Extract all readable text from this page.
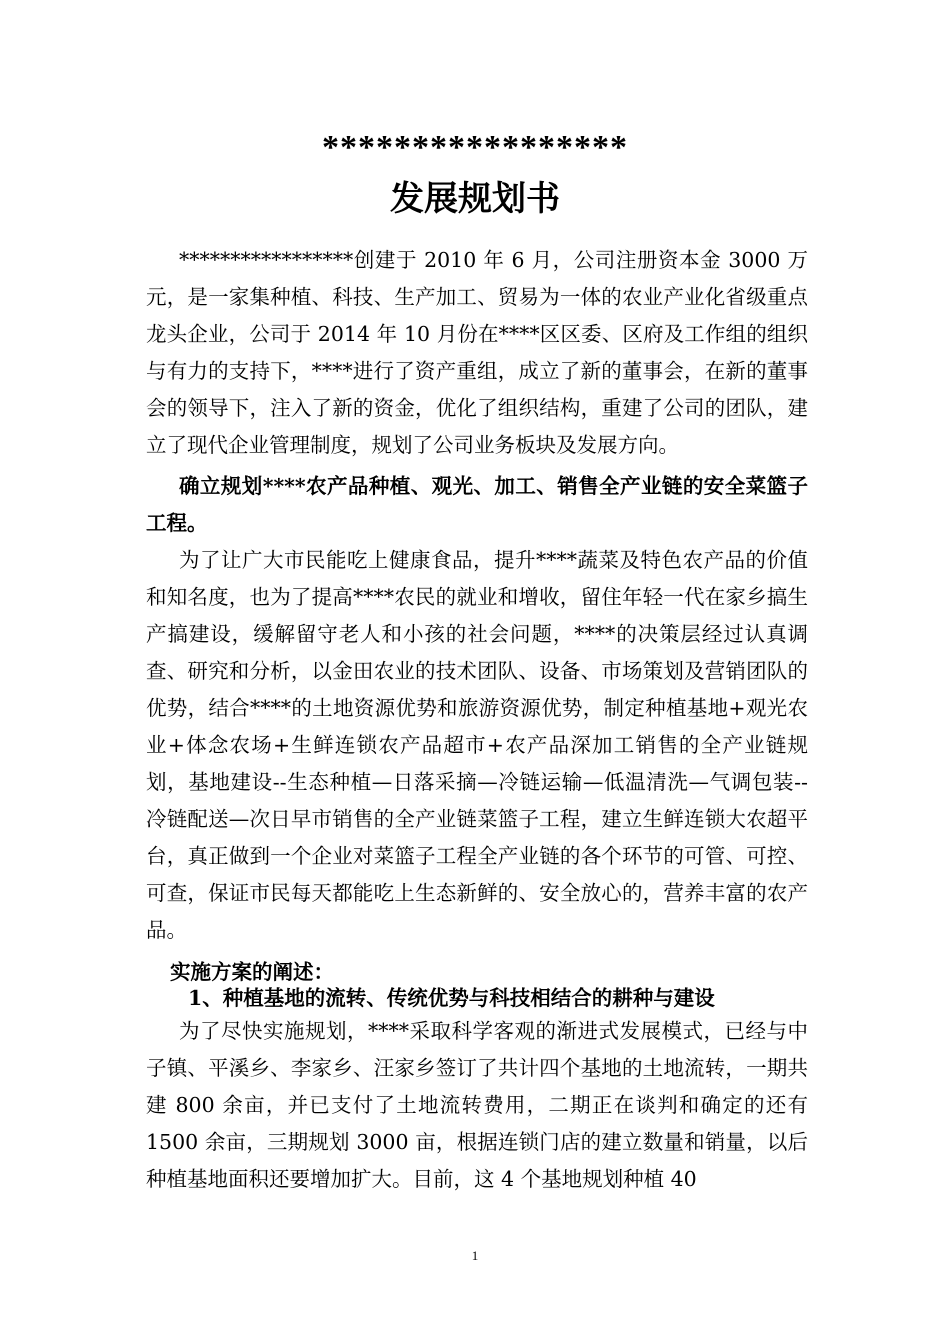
*****************
发展规划书

*****************创建于 2010 年 6 月，公司注册资本金 3000 万元，是一家集种植、科技、生产加工、贸易为一体的农业产业化省级重点龙头企业，公司于 2014 年 10 月份在****区区委、区府及工作组的组织与有力的支持下，****进行了资产重组，成立了新的董事会，在新的董事会的领导下，注入了新的资金，优化了组织结构，重建了公司的团队，建立了现代企业管理制度，规划了公司业务板块及发展方向。

确立规划****农产品种植、观光、加工、销售全产业链的安全菜篮子工程。

为了让广大市民能吃上健康食品，提升****蔬菜及特色农产品的价值和知名度，也为了提高****农民的就业和增收，留住年轻一代在家乡搞生产搞建设，缓解留守老人和小孩的社会问题，****的决策层经过认真调查、研究和分析，以金田农业的技术团队、设备、市场策划及营销团队的优势，结合****的土地资源优势和旅游资源优势，制定种植基地+观光农业+体念农场+生鲜连锁农产品超市+农产品深加工销售的全产业链规划，基地建设--生态种植—日落采摘—冷链运输—低温清洗—气调包装--冷链配送—次日早市销售的全产业链菜篮子工程，建立生鲜连锁大农超平台，真正做到一个企业对菜篮子工程全产业链的各个环节的可管、可控、可查，保证市民每天都能吃上生态新鲜的、安全放心的，营养丰富的农产品。

实施方案的阐述：
1、种植基地的流转、传统优势与科技相结合的耕种与建设

为了尽快实施规划，****采取科学客观的渐进式发展模式，已经与中子镇、平溪乡、李家乡、汪家乡签订了共计四个基地的土地流转，一期共建 800 余亩，并已支付了土地流转费用，二期正在谈判和确定的还有 1500 余亩，三期规划 3000 亩，根据连锁门店的建立数量和销量，以后种植基地面积还要增加扩大。目前，这 4 个基地规划种植 40

1
